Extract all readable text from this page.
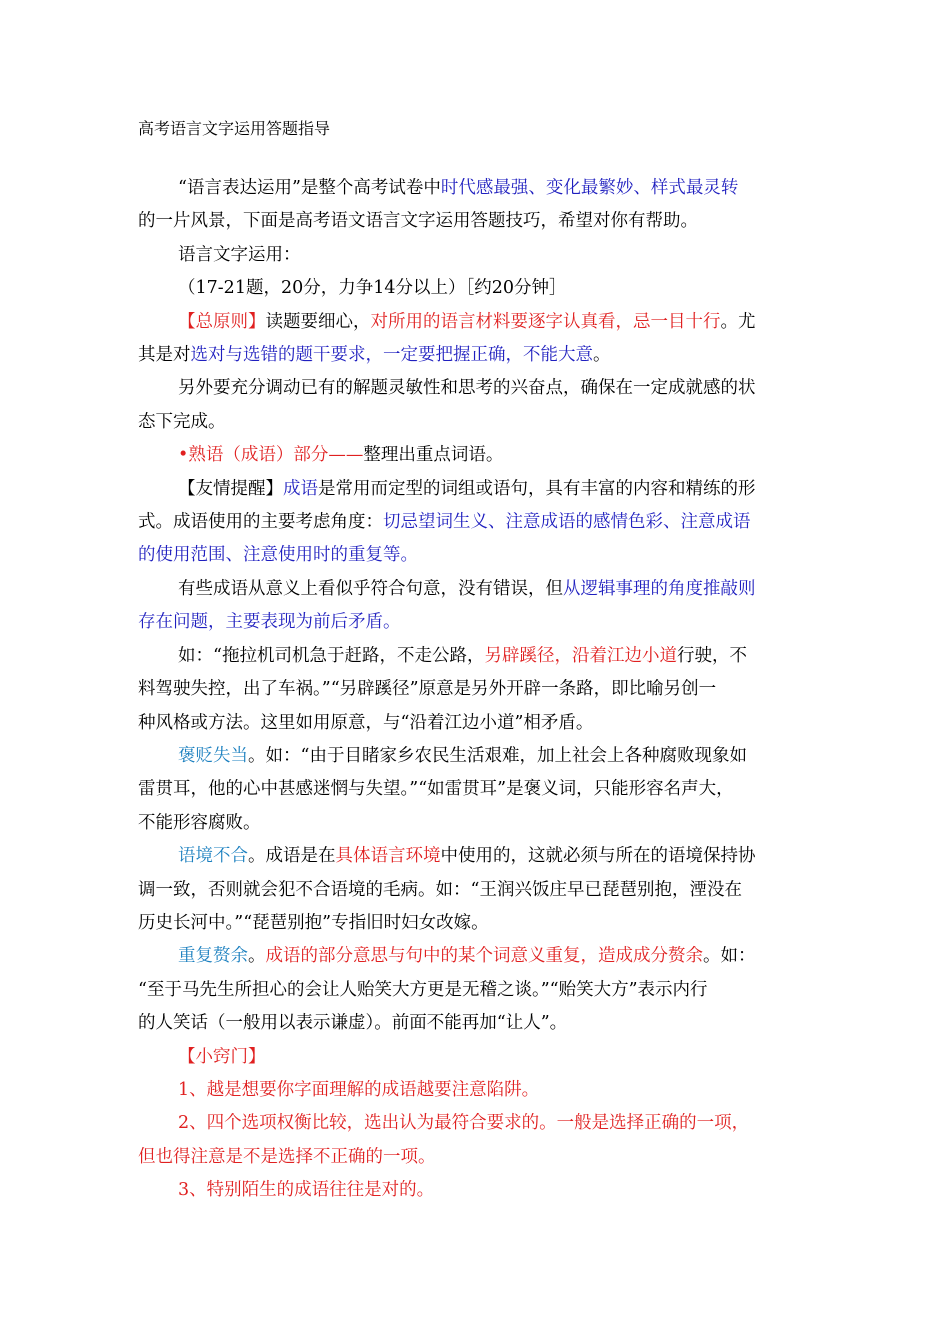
高考语言文字运用答题指导

“语言表达运用”是整个高考试卷中时代感最强、变化最繁妙、样式最灵转

的一片风景，下面是高考语文语言文字运用答题技巧，希望对你有帮助。

语言文字运用：

（17-21题，20分，力争14分以上）［约20分钟］

【总原则】读题要细心，对所用的语言材料要逐字认真看，忌一目十行。尤

其是对选对与选错的题干要求，一定要把握正确，不能大意。

另外要充分调动已有的解题灵敏性和思考的兴奋点，确保在一定成就感的状

态下完成。

•熟语（成语）部分——整理出重点词语。

【友情提醒】成语是常用而定型的词组或语句，具有丰富的内容和精练的形

式。成语使用的主要考虑角度：切忌望词生义、注意成语的感情色彩、注意成语

的使用范围、注意使用时的重复等。

有些成语从意义上看似乎符合句意，没有错误，但从逻辑事理的角度推敲则

存在问题，主要表现为前后矛盾。

如：“拖拉机司机急于赶路，不走公路，另辟蹊径，沿着江边小道行驶，不

料驾驶失控，出了车祸。”“另辟蹊径”原意是另外开辟一条路，即比喻另创一

种风格或方法。这里如用原意，与“沿着江边小道”相矛盾。

褒贬失当。如：“由于目睹家乡农民生活艰难，加上社会上各种腐败现象如

雷贯耳，他的心中甚感迷惘与失望。”“如雷贯耳”是褒义词，只能形容名声大，

不能形容腐败。

语境不合。成语是在具体语言环境中使用的，这就必须与所在的语境保持协

调一致，否则就会犯不合语境的毛病。如：“王润兴饭庄早已琵琶别抱，湮没在

历史长河中。”“琵琶别抱”专指旧时妇女改嫁。

重复赘余。成语的部分意思与句中的某个词意义重复，造成成分赘余。如：

“至于马先生所担心的会让人贻笑大方更是无稽之谈。”“贻笑大方”表示内行

的人笑话（一般用以表示谦虚）。前面不能再加“让人”。

【小窍门】

1、越是想要你字面理解的成语越要注意陷阱。

2、四个选项权衡比较，选出认为最符合要求的。一般是选择正确的一项，

但也得注意是不是选择不正确的一项。

3、特别陌生的成语往往是对的。
